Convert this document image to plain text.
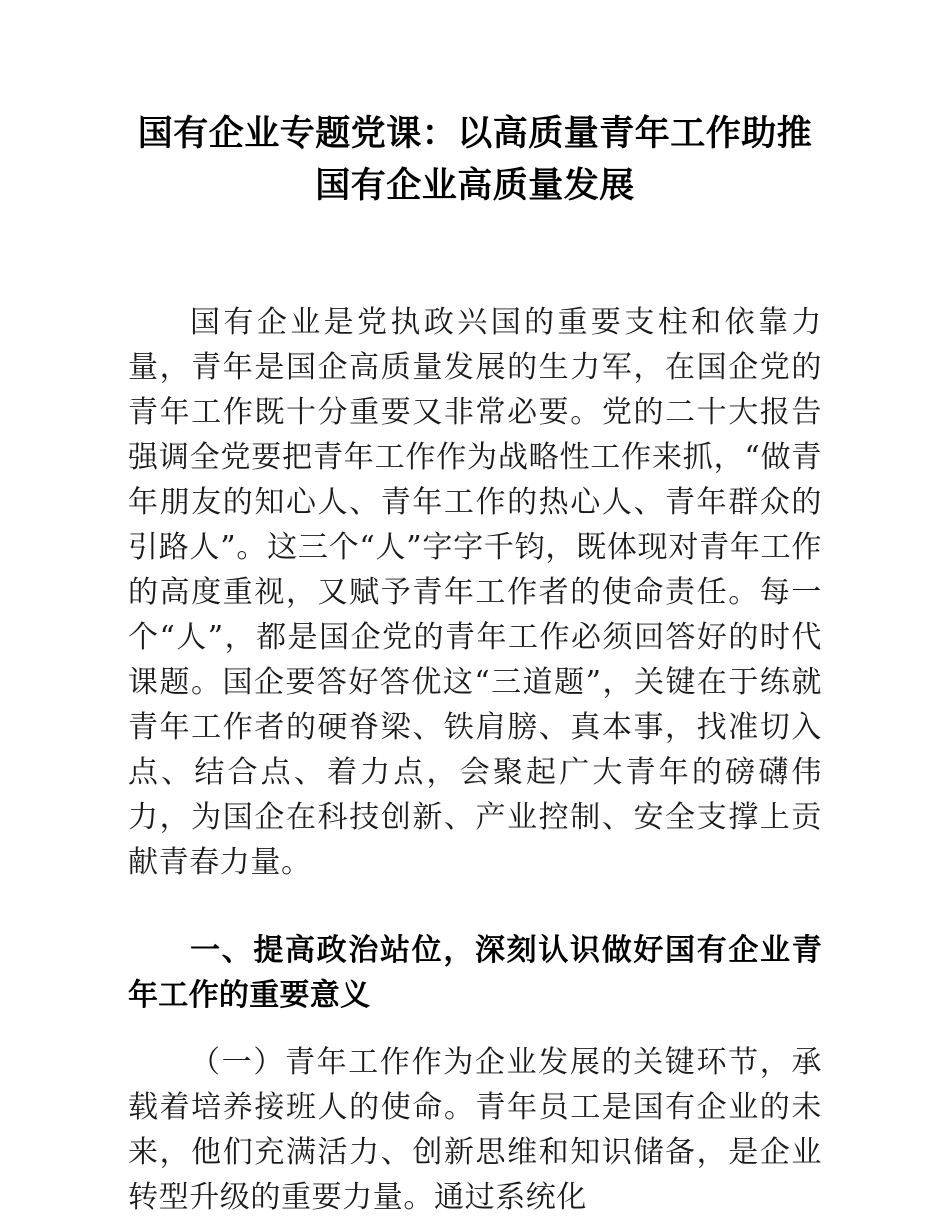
国有企业专题党课：以高质量青年工作助推
国有企业高质量发展

国有企业是党执政兴国的重要支柱和依靠力量，青年是国企高质量发展的生力军，在国企党的青年工作既十分重要又非常必要。党的二十大报告强调全党要把青年工作作为战略性工作来抓，“做青年朋友的知心人、青年工作的热心人、青年群众的引路人”。这三个“人”字字千钧，既体现对青年工作的高度重视，又赋予青年工作者的使命责任。每一个“人”，都是国企党的青年工作必须回答好的时代课题。国企要答好答优这“三道题”，关键在于练就青年工作者的硬脊梁、铁肩膀、真本事，找准切入点、结合点、着力点，会聚起广大青年的磅礴伟力，为国企在科技创新、产业控制、安全支撑上贡献青春力量。

一、提高政治站位，深刻认识做好国有企业青年工作的重要意义

（一）青年工作作为企业发展的关键环节，承载着培养接班人的使命。青年员工是国有企业的未来，他们充满活力、创新思维和知识储备，是企业转型升级的重要力量。通过系统化
